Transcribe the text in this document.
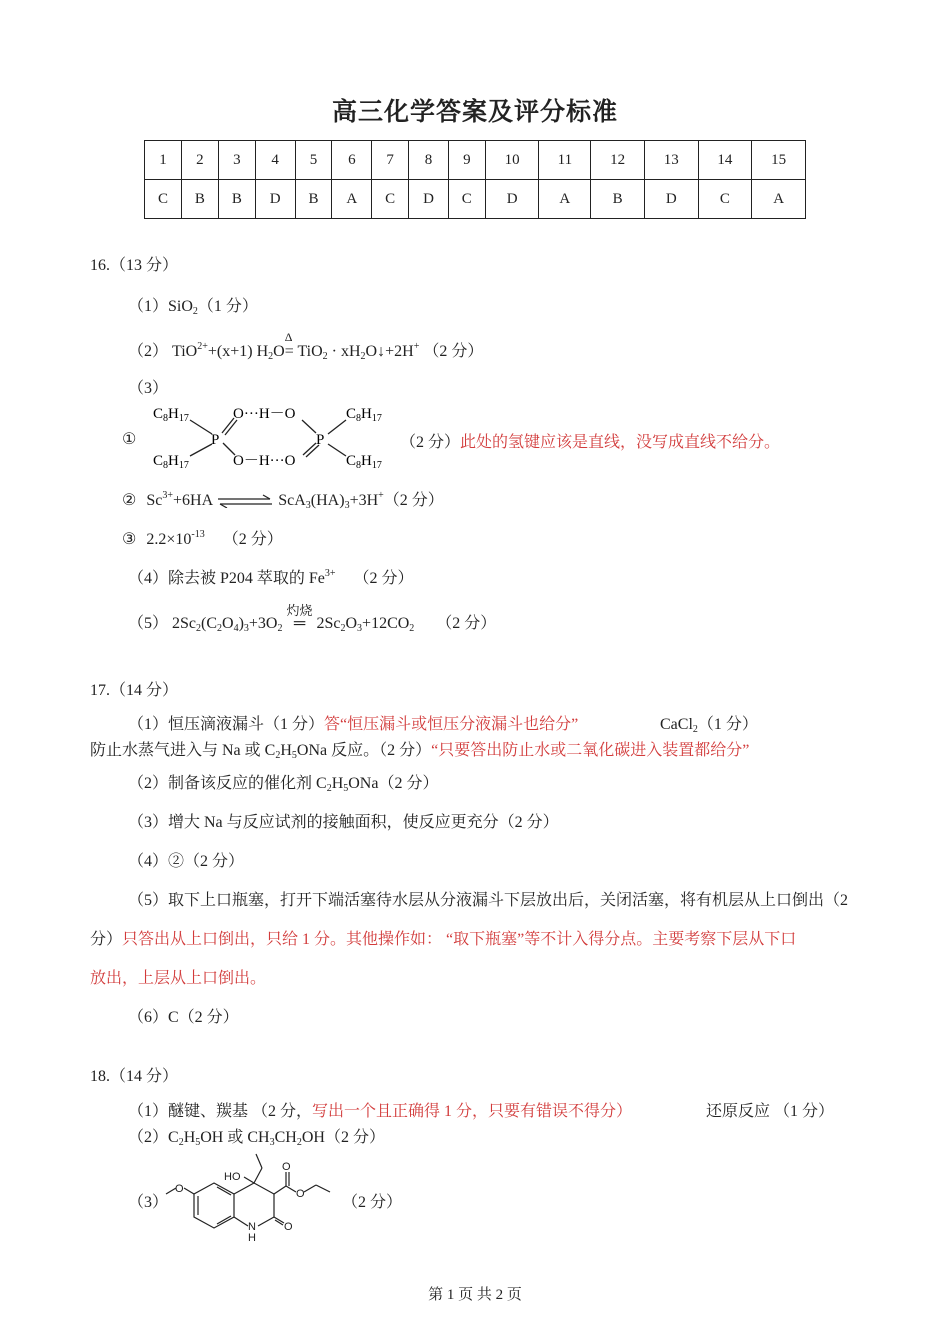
高三化学答案及评分标准
1	2	3	4	5	6	7	8	9	10	11	12	13	14	15
C	B	B	D	B	A	C	D	C	D	A	B	D	C	A
16.（13 分）
（1）SiO$_2$（1 分）
（2） TiO$^{2+}$+(x+1) $H_2O=$
Δ
$TiO_2 \cdot xH_2O↓+2H^+$ （2 分）
（3）
①
$C_8H_{17}$
$C_8H_{17}$
P
O···H－O
O－H···O
P
$C_8H_{17}$
$C_8H_{17}$
（2 分）此处的氢键应该是直线，没写成直线不给分。
② $Sc^{3+}+6HA$ ⇌ $ScA_3(HA)_3+3H^+(2$ 分）
③ $2.2\times 10^{-13}$ （2 分）
（4）除去被 P204 萃取的 $Fe^{3+}$ （2 分）
（5） $2Sc_2(C_2O_4)_3+3O_2$ ═
灼烧
$2Sc_2O_3+12CO_2$ （2 分）
17.（14 分）
（1）恒压滴液漏斗（1 分）答“恒压漏斗或恒压分液漏斗也给分”	CaCl$_2$（1 分）
防止水蒸气进入与 Na 或 $C_2H_5ONa$ 反应。（2 分）“只要答出防止水或二氧化碳进入装置都给分”
（2）制备该反应的催化剂 $C_2H_5ONa(2$ 分）
（3）增大 Na 与反应试剂的接触面积，使反应更充分（2 分）
（4）②（2 分）
（5）取下上口瓶塞，打开下端活塞待水层从分液漏斗下层放出后，关闭活塞，将有机层从上口倒出（2
分）只答出从上口倒出，只给 1 分。其他操作如： “取下瓶塞”等不计入得分点。主要考察下层从下口
放出，上层从上口倒出。
（6）C（2 分）
18.（14 分）
（1）醚键、羰基 （2 分，写出一个且正确得 1 分，只要有错误不得分）	还原反应 （1 分）
$(2)C_2H_5OH$ 或 $CH_3CH_2OH(2$ 分）
（3）
O
HO
O
O
O
N
H
（2 分）
第 1 页 共 2 页
